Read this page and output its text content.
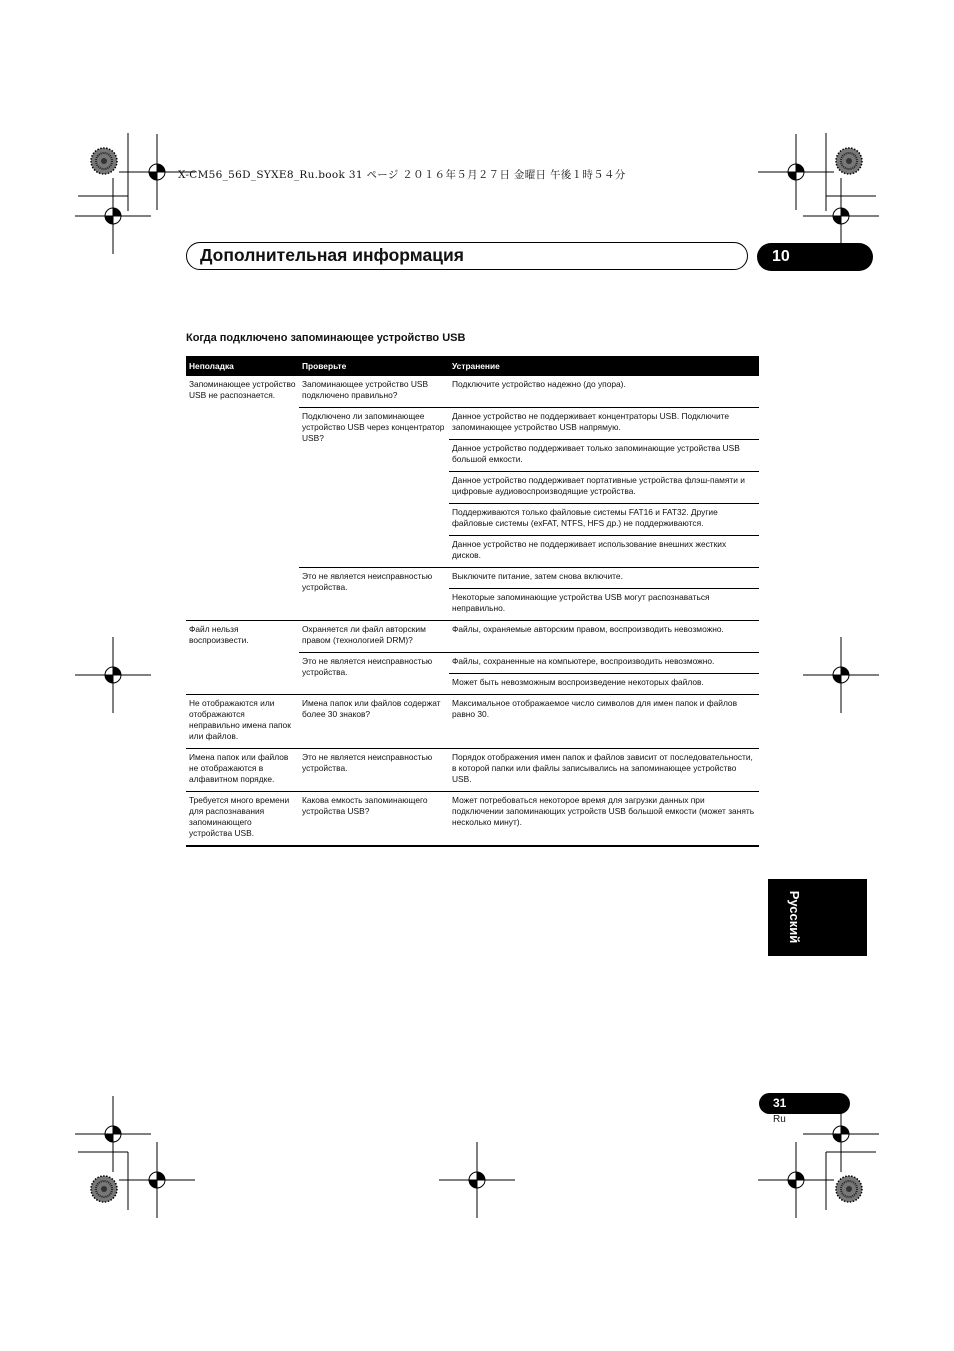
X-CM56_56D_SYXE8_Ru.book 31 ページ ２０１６年５月２７日 金曜日 午後１時５４分
Дополнительная информация	10
Когда подключено запоминающее устройство USB
Неполадка	Проверьте	Устранение
Запоминающее устройство USB не распознается.	Запоминающее устройство USB подключено правильно?	Подключите устройство надежно (до упора).
	Подключено ли запоминающее устройство USB через концентратор USB?	Данное устройство не поддерживает концентраторы USB. Подключите запоминающее устройство USB напрямую.
		Данное устройство поддерживает только запоминающие устройства USB большой емкости.
		Данное устройство поддерживает портативные устройства флэш-памяти и цифровые аудиовоспроизводящие устройства.
		Поддерживаются только файловые системы FAT16 и FAT32. Другие файловые системы (exFAT, NTFS, HFS др.) не поддерживаются.
		Данное устройство не поддерживает использование внешних жестких дисков.
	Это не является неисправностью устройства.	Выключите питание, затем снова включите.
		Некоторые запоминающие устройства USB могут распознаваться неправильно.
Файл нельзя воспроизвести.	Охраняется ли файл авторским правом (технологией DRM)?	Файлы, охраняемые авторским правом, воспроизводить невозможно.
	Это не является неисправностью устройства.	Файлы, сохраненные на компьютере, воспроизводить невозможно.
		Может быть невозможным воспроизведение некоторых файлов.
Не отображаются или отображаются неправильно имена папок или файлов.	Имена папок или файлов содержат более 30 знаков?	Максимальное отображаемое число символов для имен папок и файлов равно 30.
Имена папок или файлов не отображаются в алфавитном порядке.	Это не является неисправностью устройства.	Порядок отображения имен папок и файлов зависит от последовательности, в которой папки или файлы записывались на запоминающее устройство USB.
Требуется много времени для распознавания запоминающего устройства USB.	Какова емкость запоминающего устройства USB?	Может потребоваться некоторое время для загрузки данных при подключении запоминающих устройств USB большой емкости (может занять несколько минут).
Русский
31
Ru
